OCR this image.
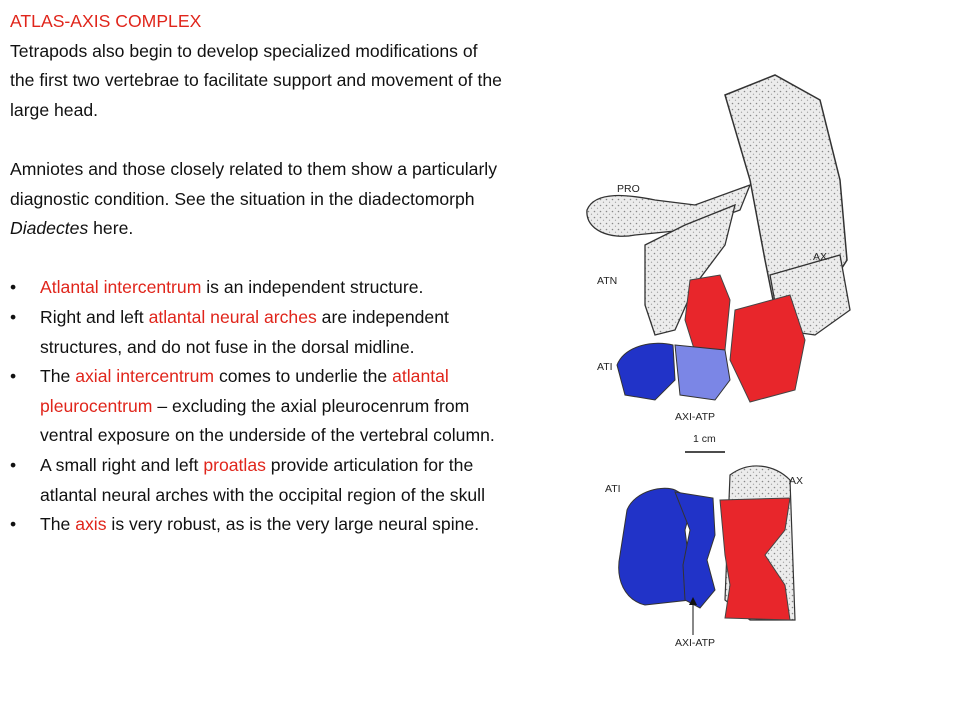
ATLAS-AXIS COMPLEX

Tetrapods also begin to develop specialized modifications of the first two vertebrae to facilitate support and movement of the large head.

Amniotes and those closely related to them show a particularly diagnostic condition. See the situation in the diadectomorph Diadectes here.

• Atlantal intercentrum is an independent structure.
• Right and left atlantal neural arches are independent structures, and do not fuse in the dorsal midline.
• The axial intercentrum comes to underlie the atlantal pleurocentrum – excluding the axial pleurocenrum from ventral exposure on the underside of the vertebral column.
• A small right and left proatlas provide articulation for the atlantal neural arches with the occipital region of the skull
• The axis is very robust, as is the very large neural spine.
PRO
ATN
AX
ATI
AXI-ATP
1 cm
ATI
AX
AXI-ATP
